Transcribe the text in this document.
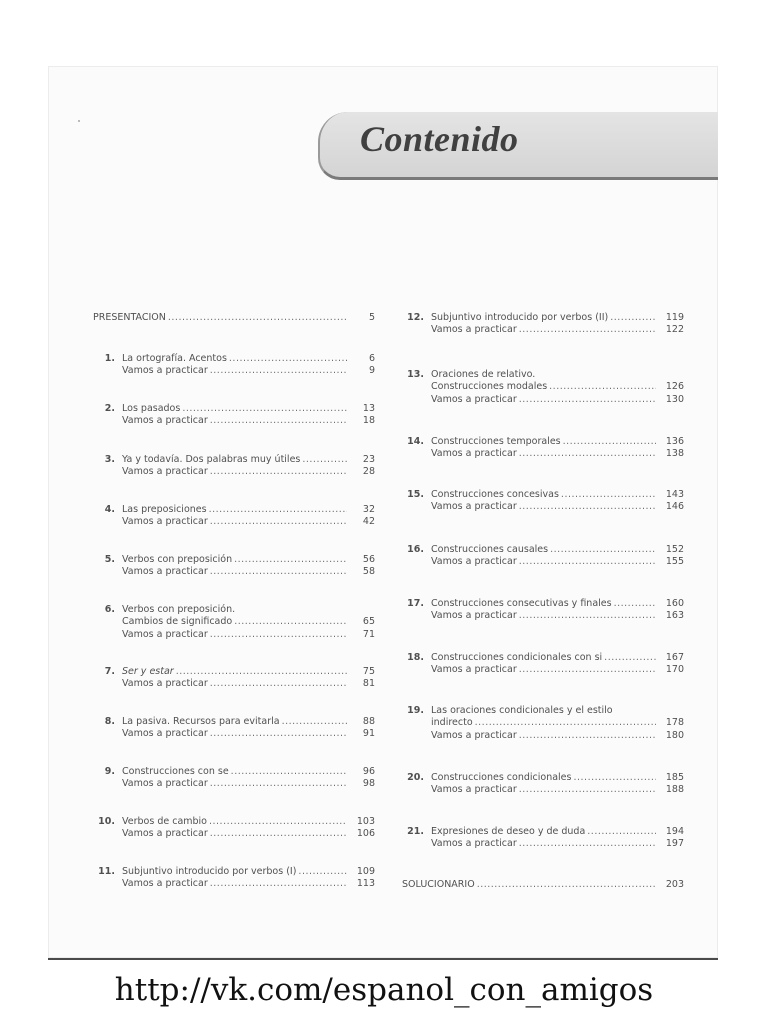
Contenido
PRESENTACION .....	5
1. La ortografía. Acentos .....	6
Vamos a practicar .....	9
2. Los pasados .....	13
Vamos a practicar .....	18
3. Ya y todavía. Dos palabras muy útiles .....	23
Vamos a practicar .....	28
4. Las preposiciones .....	32
Vamos a practicar .....	42
5. Verbos con preposición .....	56
Vamos a practicar .....	58
6. Verbos con preposición.
Cambios de significado .....	65
Vamos a practicar .....	71
7. Ser y estar .....	75
Vamos a practicar .....	81
8. La pasiva. Recursos para evitarla .....	88
Vamos a practicar .....	91
9. Construcciones con se .....	96
Vamos a practicar .....	98
10. Verbos de cambio .....	103
Vamos a practicar .....	106
11. Subjuntivo introducido por verbos (I) .....	109
Vamos a practicar .....	113
12. Subjuntivo introducido por verbos (II) .....	119
Vamos a practicar .....	122
13. Oraciones de relativo.
Construcciones modales .....	126
Vamos a practicar .....	130
14. Construcciones temporales .....	136
Vamos a practicar .....	138
15. Construcciones concesivas .....	143
Vamos a practicar .....	146
16. Construcciones causales .....	152
Vamos a practicar .....	155
17. Construcciones consecutivas y finales .....	160
Vamos a practicar .....	163
18. Construcciones condicionales con si .....	167
Vamos a practicar .....	170
19. Las oraciones condicionales y el estilo
indirecto .....	178
Vamos a practicar .....	180
20. Construcciones condicionales .....	185
Vamos a practicar .....	188
21. Expresiones de deseo y de duda .....	194
Vamos a practicar .....	197
SOLUCIONARIO .....	203
http://vk.com/espanol_con_amigos
